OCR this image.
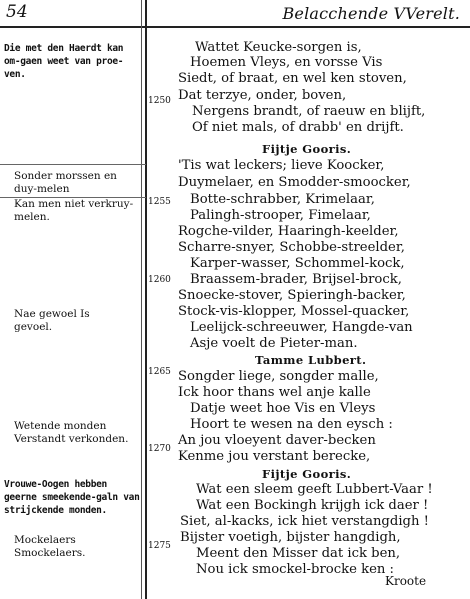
54	Belacchende VVerelt.
Die met den Haerdt kan om-gaen weet van proe-ven.
Sonder morssen en duy-melen
Kan men niet verkruy-melen.
Nae gewoel Is gevoel.
Wetende monden Verstandt verkonden.
Vrouwe-Oogen hebben geerne smeekende-galn van strijckende monden.
Mockelaers Smockelaers.
1250
1255
1260
1265
1270
1275
Wattet Keucke-sorgen is,
Hoemen Vleys, en vorsse Vis
Siedt, of braat, en wel ken stoven,
Dat terzye, onder, boven,
Nergens brandt, of raeuw en blijft,
Of niet mals, of drabb' en drijft.
Fijtje Gooris.
'Tis wat leckers; lieve Koocker,
Duymelaer, en Smodder-smoocker,
Botte-schrabber, Krimelaar,
Palingh-strooper, Fimelaar,
Rogche-vilder, Haaringh-keelder,
Scharre-snyer, Schobbe-streelder,
Karper-wasser, Schommel-kock,
Braassem-brader, Brijsel-brock,
Snoecke-stover, Spieringh-backer,
Stock-vis-klopper, Mossel-quacker,
Leelijck-schreeuwer, Hangde-van
Asje voelt de Pieter-man.
Tamme Lubbert.
Songder liege, songder malle,
Ick hoor thans wel anje kalle
Datje weet hoe Vis en Vleys
Hoort te wesen na den eysch :
An jou vloeyent daver-becken
Kenme jou verstant berecke,
Fijtje Gooris.
Wat een sleem geeft Lubbert-Vaar !
Wat een Bockingh krijgh ick daer !
Siet, al-kacks, ick hiet verstangdigh !
Bijster voetigh, bijster hangdigh,
Meent den Misser dat ick ben,
Nou ick smockel-brocke ken :
Kroote
